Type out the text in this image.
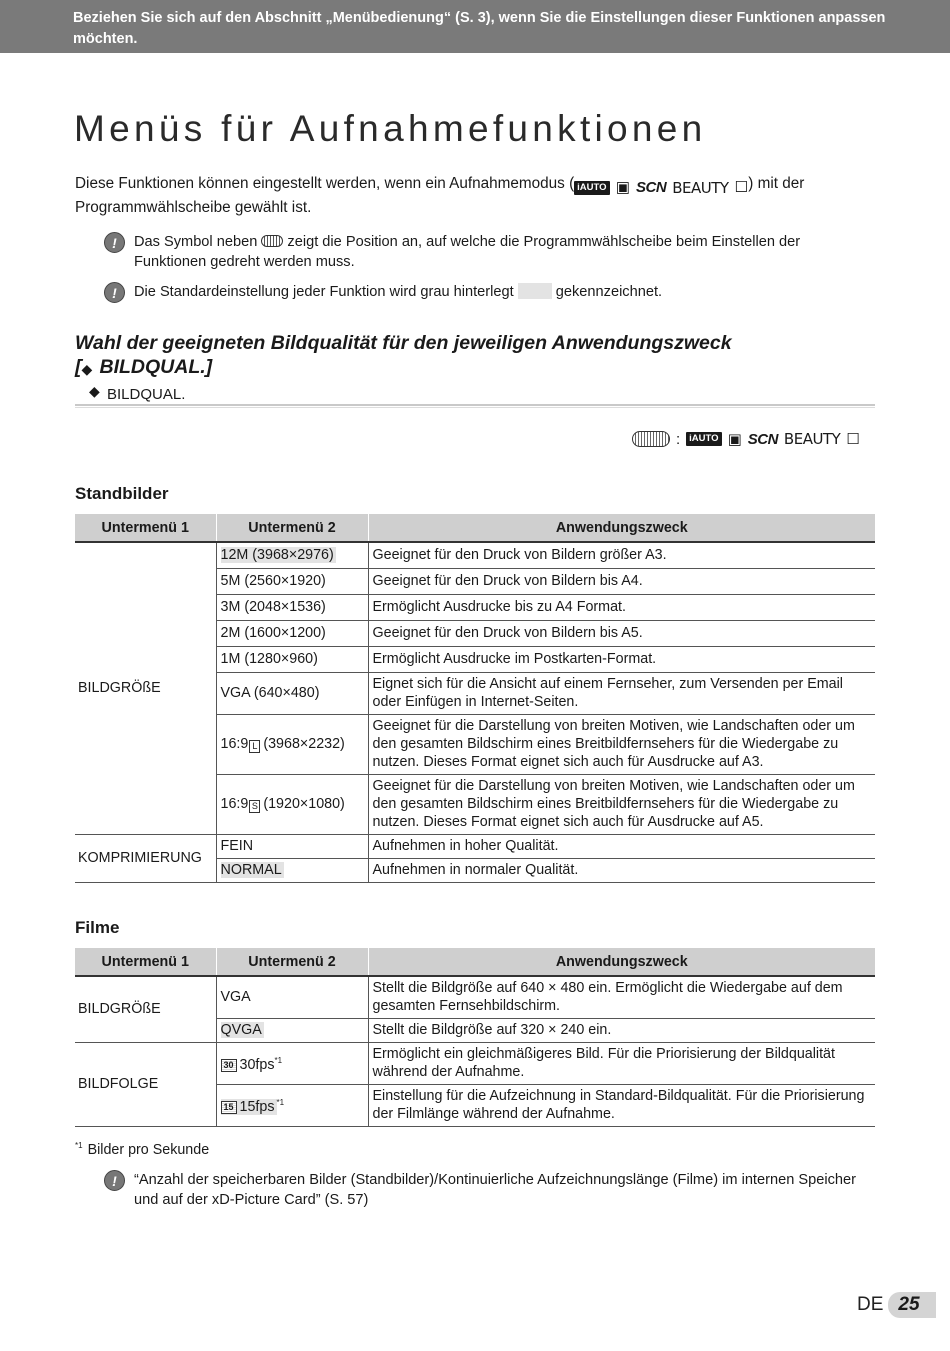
Beziehen Sie sich auf den Abschnitt „Menübedienung“ (S. 3), wenn Sie die Einstellungen dieser Funktionen anpassen möchten.
Menüs für Aufnahmefunktionen
Diese Funktionen können eingestellt werden, wenn ein Aufnahmemodus ( iAUTO ▣ SCN BEAUTY ☐ ) mit der Programmwählscheibe gewählt ist.
!	Das Symbol neben  zeigt die Position an, auf welche die Programmwählscheibe beim Einstellen der Funktionen gedreht werden muss.
!	Die Standardeinstellung jeder Funktion wird grau hinterlegt  gekennzeichnet.
Wahl der geeigneten Bildqualität für den jeweiligen Anwendungszweck
[ ◆ BILDQUAL.]
◆BILDQUAL.
: iAUTO ▣ SCN BEAUTY ☐
Standbilder
Untermenü 1	Untermenü 2	Anwendungszweck
BILDGRÖßE	12M (3968×2976)	Geeignet für den Druck von Bildern größer A3.
	5M (2560×1920)	Geeignet für den Druck von Bildern bis A4.
	3M (2048×1536)	Ermöglicht Ausdrucke bis zu A4 Format.
	2M (1600×1200)	Geeignet für den Druck von Bildern bis A5.
	1M (1280×960)	Ermöglicht Ausdrucke im Postkarten-Format.
	VGA (640×480)	Eignet sich für die Ansicht auf einem Fernseher, zum Versenden per Email oder Einfügen in Internet-Seiten.
	16:9 L (3968×2232)	Geeignet für die Darstellung von breiten Motiven, wie Landschaften oder um den gesamten Bildschirm eines Breitbildfernsehers für die Wiedergabe zu nutzen. Dieses Format eignet sich auch für Ausdrucke auf A3.
	16:9 S (1920×1080)	Geeignet für die Darstellung von breiten Motiven, wie Landschaften oder um den gesamten Bildschirm eines Breitbildfernsehers für die Wiedergabe zu nutzen. Dieses Format eignet sich auch für Ausdrucke auf A5.
KOMPRIMIERUNG	FEIN	Aufnehmen in hoher Qualität.
	NORMAL	Aufnehmen in normaler Qualität.
Filme
Untermenü 1	Untermenü 2	Anwendungszweck
BILDGRÖßE	VGA	Stellt die Bildgröße auf 640 × 480 ein. Ermöglicht die Wiedergabe auf dem gesamten Fernsehbildschirm.
	QVGA	Stellt die Bildgröße auf 320 × 240 ein.
BILDFOLGE	30 30fps$^{*1}$	Ermöglicht ein gleichmäßigeres Bild. Für die Priorisierung der Bildqualität während der Aufnahme.
	15 15fps $^{*1}$	Einstellung für die Aufzeichnung in Standard-Bildqualität. Für die Priorisierung der Filmlänge während der Aufnahme.
$^{*1}$ Bilder pro Sekunde
!	“Anzahl der speicherbaren Bilder (Standbilder)/Kontinuierliche Aufzeichnungslänge (Filme) im internen Speicher und auf der xD-Picture Card” (S. 57)
DE 25
